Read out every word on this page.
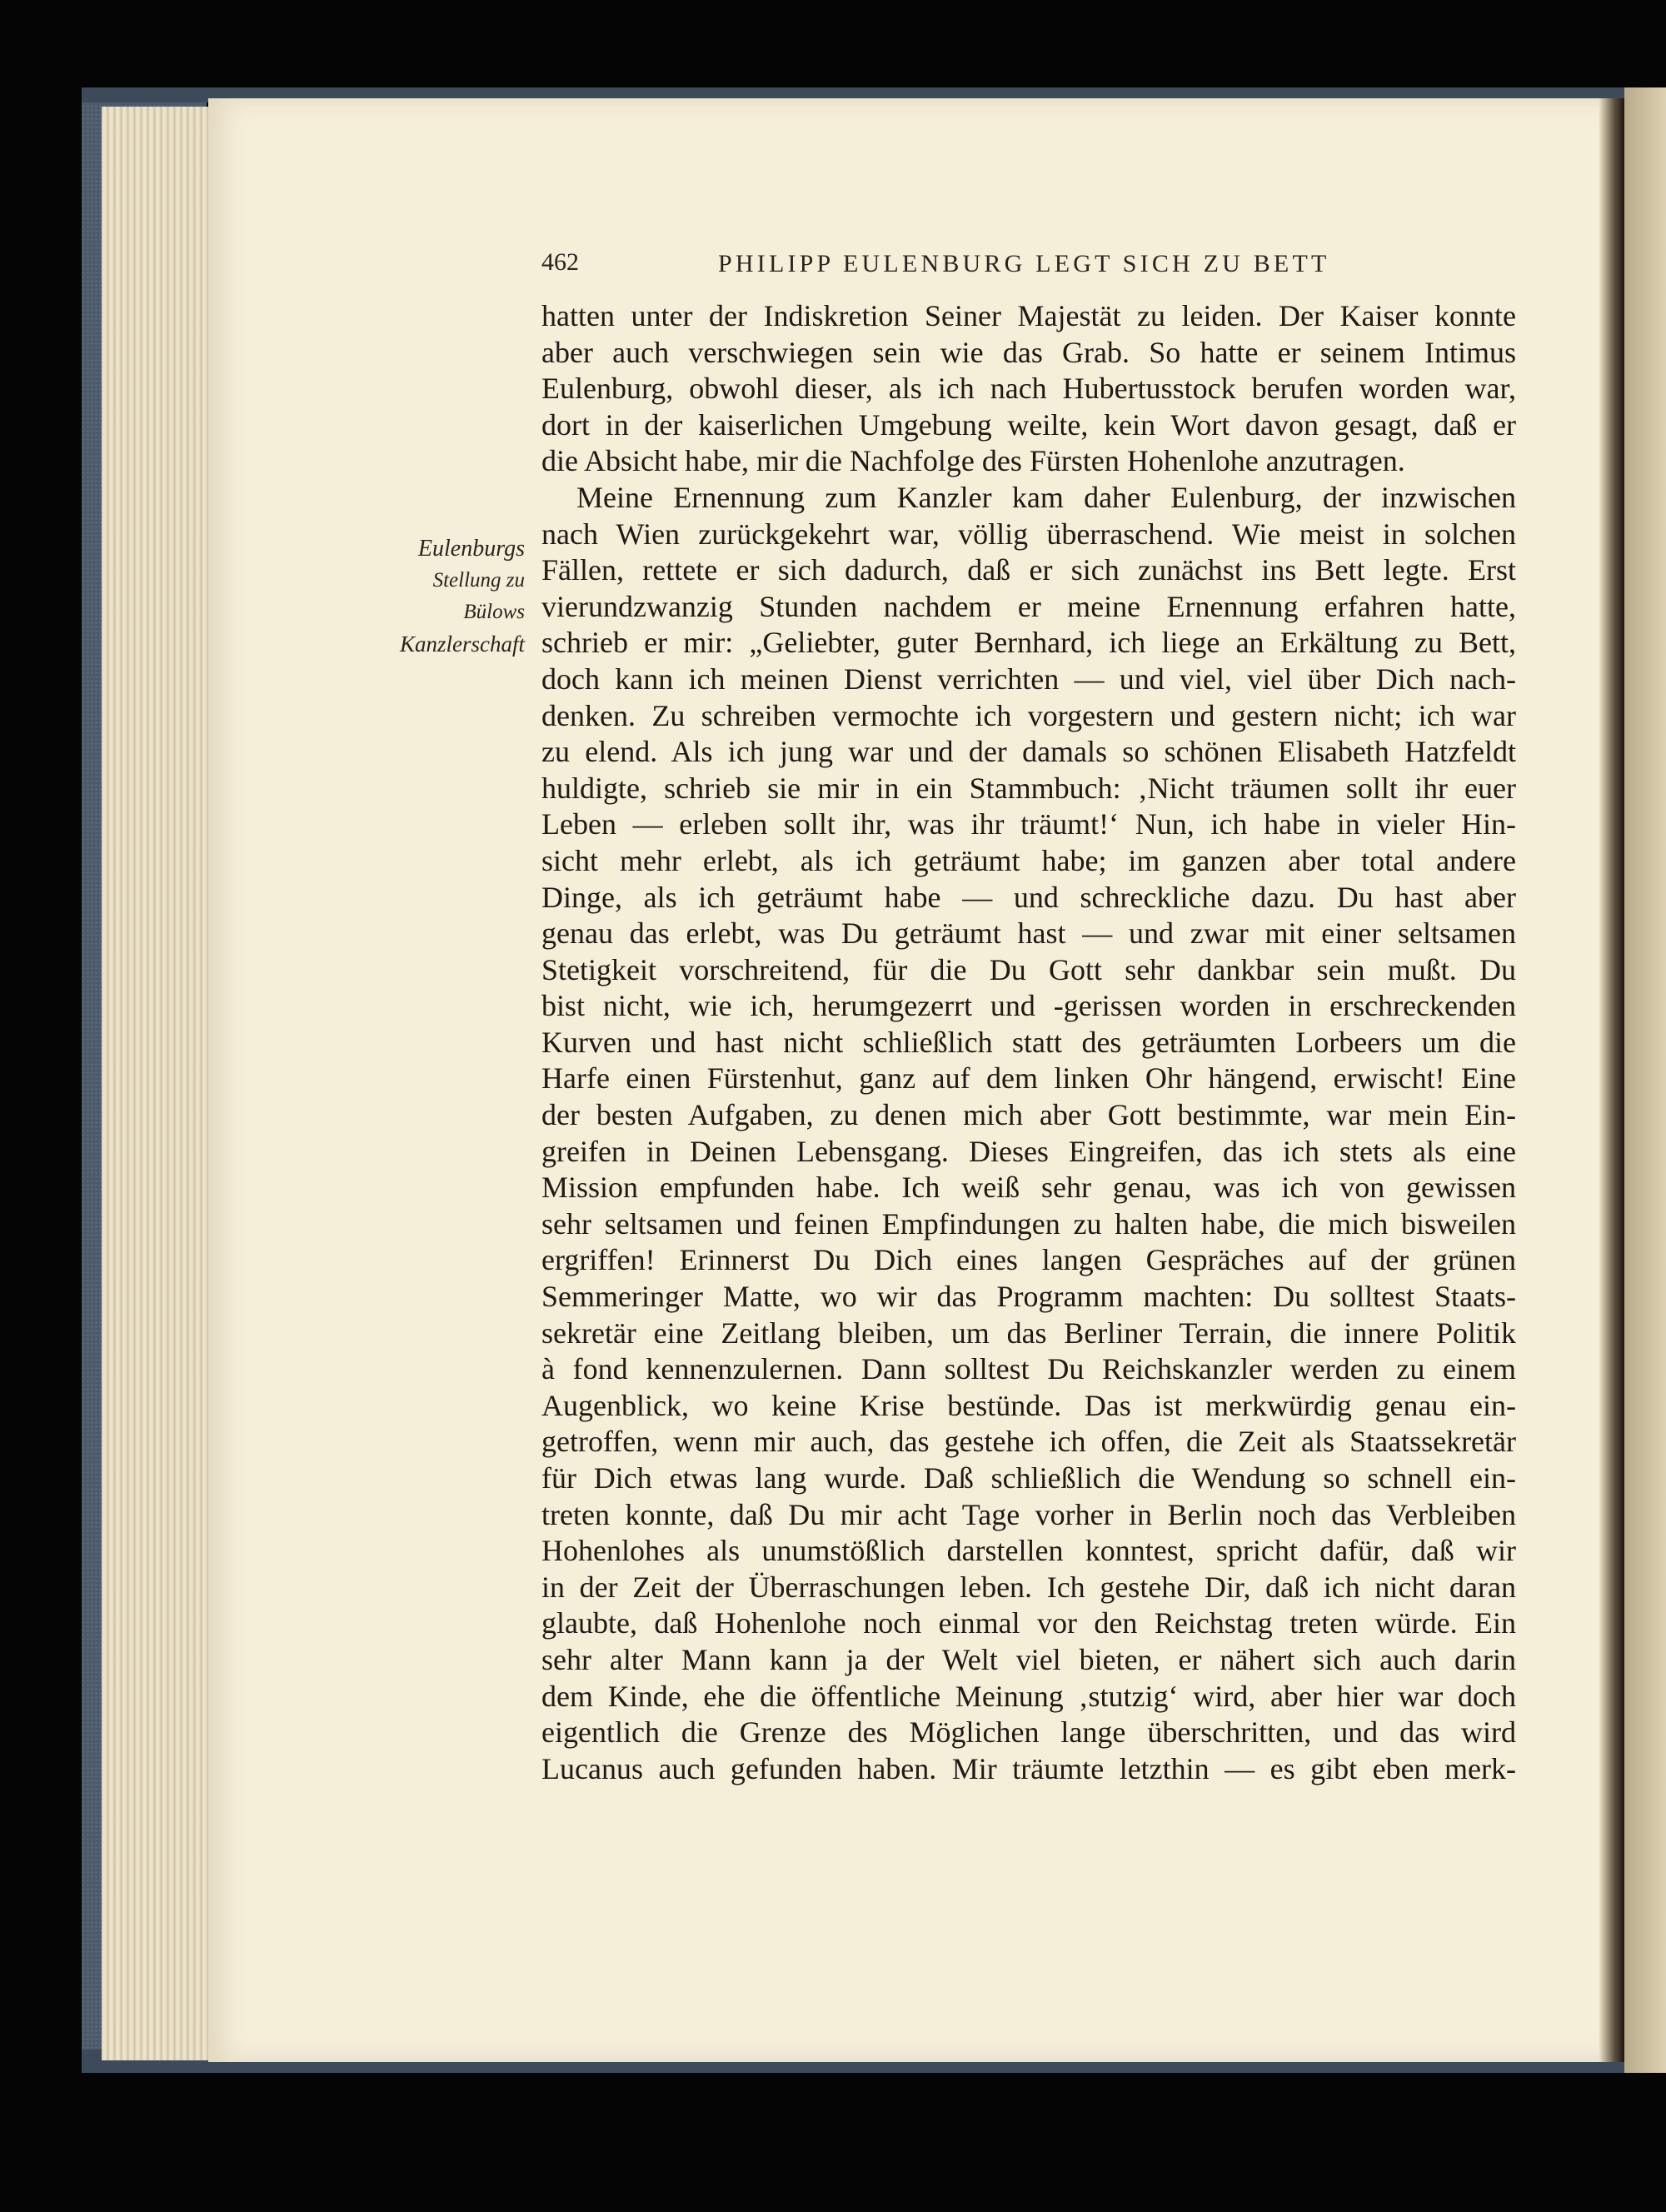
462	PHILIPP EULENBURG LEGT SICH ZU BETT
Eulenburgs
Stellung zu
Bülows
Kanzlerschaft
hatten unter der Indiskretion Seiner Majestät zu leiden. Der Kaiser konnte
aber auch verschwiegen sein wie das Grab. So hatte er seinem Intimus
Eulenburg, obwohl dieser, als ich nach Hubertusstock berufen worden war,
dort in der kaiserlichen Umgebung weilte, kein Wort davon gesagt, daß er
die Absicht habe, mir die Nachfolge des Fürsten Hohenlohe anzutragen.
Meine Ernennung zum Kanzler kam daher Eulenburg, der inzwischen
nach Wien zurückgekehrt war, völlig überraschend. Wie meist in solchen
Fällen, rettete er sich dadurch, daß er sich zunächst ins Bett legte. Erst
vierundzwanzig Stunden nachdem er meine Ernennung erfahren hatte,
schrieb er mir: „Geliebter, guter Bernhard, ich liege an Erkältung zu Bett,
doch kann ich meinen Dienst verrichten — und viel, viel über Dich nach-
denken. Zu schreiben vermochte ich vorgestern und gestern nicht; ich war
zu elend. Als ich jung war und der damals so schönen Elisabeth Hatzfeldt
huldigte, schrieb sie mir in ein Stammbuch: ‚Nicht träumen sollt ihr euer
Leben — erleben sollt ihr, was ihr träumt!‘ Nun, ich habe in vieler Hin-
sicht mehr erlebt, als ich geträumt habe; im ganzen aber total andere
Dinge, als ich geträumt habe — und schreckliche dazu. Du hast aber
genau das erlebt, was Du geträumt hast — und zwar mit einer seltsamen
Stetigkeit vorschreitend, für die Du Gott sehr dankbar sein mußt. Du
bist nicht, wie ich, herumgezerrt und -gerissen worden in erschreckenden
Kurven und hast nicht schließlich statt des geträumten Lorbeers um die
Harfe einen Fürstenhut, ganz auf dem linken Ohr hängend, erwischt! Eine
der besten Aufgaben, zu denen mich aber Gott bestimmte, war mein Ein-
greifen in Deinen Lebensgang. Dieses Eingreifen, das ich stets als eine
Mission empfunden habe. Ich weiß sehr genau, was ich von gewissen
sehr seltsamen und feinen Empfindungen zu halten habe, die mich bisweilen
ergriffen! Erinnerst Du Dich eines langen Gespräches auf der grünen
Semmeringer Matte, wo wir das Programm machten: Du solltest Staats-
sekretär eine Zeitlang bleiben, um das Berliner Terrain, die innere Politik
à fond kennenzulernen. Dann solltest Du Reichskanzler werden zu einem
Augenblick, wo keine Krise bestünde. Das ist merkwürdig genau ein-
getroffen, wenn mir auch, das gestehe ich offen, die Zeit als Staatssekretär
für Dich etwas lang wurde. Daß schließlich die Wendung so schnell ein-
treten konnte, daß Du mir acht Tage vorher in Berlin noch das Verbleiben
Hohenlohes als unumstößlich darstellen konntest, spricht dafür, daß wir
in der Zeit der Überraschungen leben. Ich gestehe Dir, daß ich nicht daran
glaubte, daß Hohenlohe noch einmal vor den Reichstag treten würde. Ein
sehr alter Mann kann ja der Welt viel bieten, er nähert sich auch darin
dem Kinde, ehe die öffentliche Meinung ‚stutzig‘ wird, aber hier war doch
eigentlich die Grenze des Möglichen lange überschritten, und das wird
Lucanus auch gefunden haben. Mir träumte letzthin — es gibt eben merk-
